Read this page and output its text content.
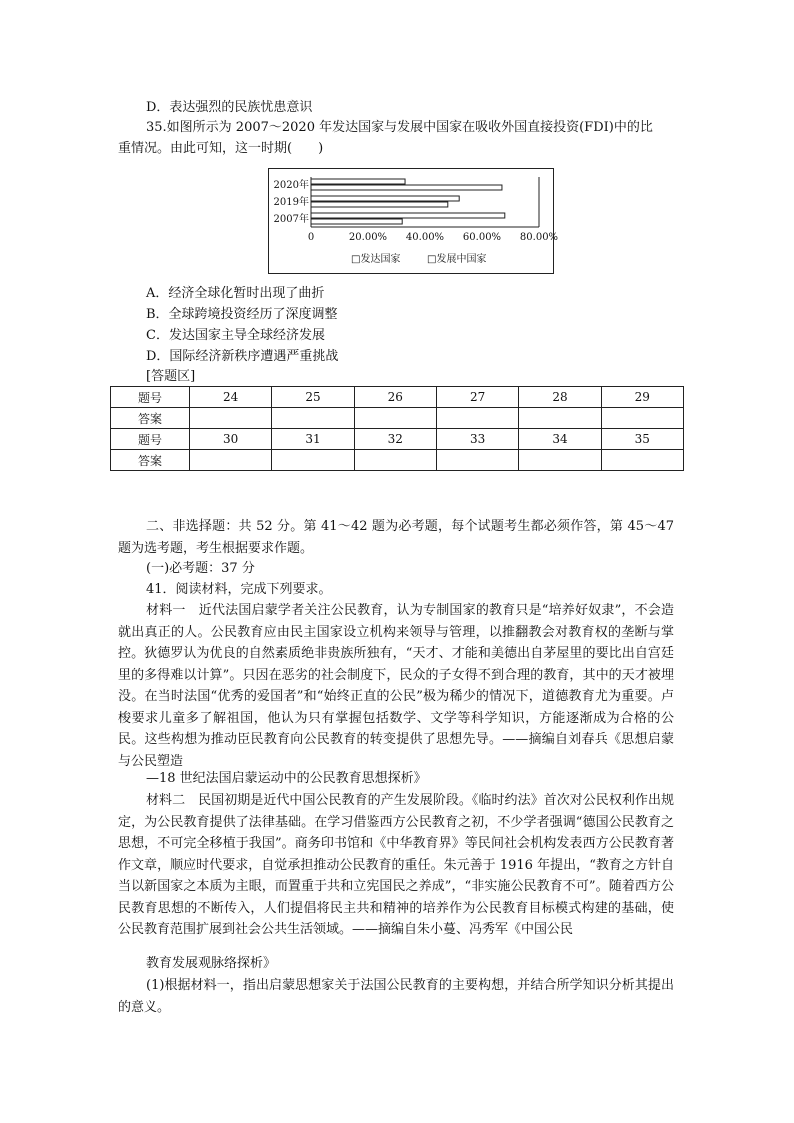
D．表达强烈的民族忧患意识
35.如图所示为 2007～2020 年发达国家与发展中国家在吸收外国直接投资(FDI)中的比
重情况。由此可知，这一时期(　　)
2020年
2019年
2007年
0	20.00% 40.00% 60.00% 80.00%
□发达国家	□发展中国家
A．经济全球化暂时出现了曲折
B．全球跨境投资经历了深度调整
C．发达国家主导全球经济发展
D．国际经济新秩序遭遇严重挑战
[答题区]
题号	24	25	26	27	28	29
答案						
题号	30	31	32	33	34	35
答案						
二、非选择题：共 52 分。第 41～42 题为必考题，每个试题考生都必须作答，第 45～47 题为选考题，考生根据要求作题。
(一)必考题：37 分
41．阅读材料，完成下列要求。
材料一　近代法国启蒙学者关注公民教育，认为专制国家的教育只是“培养好奴隶”，不会造就出真正的人。公民教育应由民主国家设立机构来领导与管理，以推翻教会对教育权的垄断与掌控。狄德罗认为优良的自然素质绝非贵族所独有，“天才、才能和美德出自茅屋里的要比出自宫廷里的多得难以计算”。只因在恶劣的社会制度下，民众的子女得不到合理的教育，其中的天才被埋没。在当时法国“优秀的爱国者”和“始终正直的公民”极为稀少的情况下，道德教育尤为重要。卢梭要求儿童多了解祖国，他认为只有掌握包括数学、文学等科学知识，方能逐渐成为合格的公民。这些构想为推动臣民教育向公民教育的转变提供了思想先导。——摘编自刘春兵《思想启蒙与公民塑造
—18 世纪法国启蒙运动中的公民教育思想探析》
材料二　民国初期是近代中国公民教育的产生发展阶段。《临时约法》首次对公民权利作出规定，为公民教育提供了法律基础。在学习借鉴西方公民教育之初，不少学者强调“德国公民教育之思想，不可完全移植于我国”。商务印书馆和《中华教育界》等民间社会机构发表西方公民教育著作文章，顺应时代要求，自觉承担推动公民教育的重任。朱元善于 1916 年提出，“教育之方针自当以新国家之本质为主眼，而置重于共和立宪国民之养成”，“非实施公民教育不可”。随着西方公民教育思想的不断传入，人们提倡将民主共和精神的培养作为公民教育目标模式构建的基础，使公民教育范围扩展到社会公共生活领域。——摘编自朱小蔓、冯秀军《中国公民
教育发展观脉络探析》
(1)根据材料一，指出启蒙思想家关于法国公民教育的主要构想，并结合所学知识分析其提出的意义。
